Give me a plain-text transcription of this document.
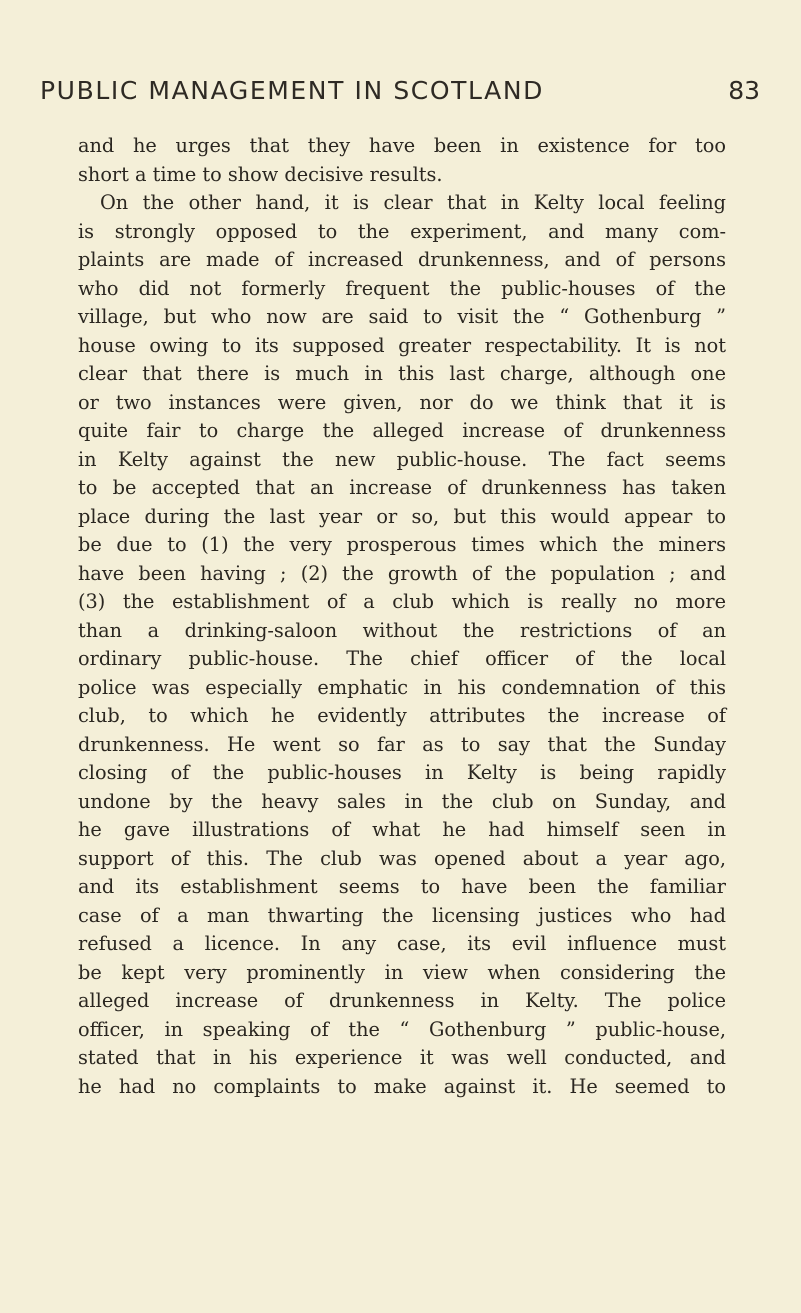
PUBLIC MANAGEMENT IN SCOTLAND	83
and he urges that they have been in existence for too
short a time to show decisive results.
On the other hand, it is clear that in Kelty local feeling
is strongly opposed to the experiment, and many com-
plaints are made of increased drunkenness, and of persons
who did not formerly frequent the public-houses of the
village, but who now are said to visit the “ Gothenburg ”
house owing to its supposed greater respectability. It is not
clear that there is much in this last charge, although one
or two instances were given, nor do we think that it is
quite fair to charge the alleged increase of drunkenness
in Kelty against the new public-house. The fact seems
to be accepted that an increase of drunkenness has taken
place during the last year or so, but this would appear to
be due to (1) the very prosperous times which the miners
have been having ; (2) the growth of the population ; and
(3) the establishment of a club which is really no more
than a drinking-saloon without the restrictions of an
ordinary public-house. The chief officer of the local
police was especially emphatic in his condemnation of this
club, to which he evidently attributes the increase of
drunkenness. He went so far as to say that the Sunday
closing of the public-houses in Kelty is being rapidly
undone by the heavy sales in the club on Sunday, and
he gave illustrations of what he had himself seen in
support of this. The club was opened about a year ago,
and its establishment seems to have been the familiar
case of a man thwarting the licensing justices who had
refused a licence. In any case, its evil influence must
be kept very prominently in view when considering the
alleged increase of drunkenness in Kelty. The police
officer, in speaking of the “ Gothenburg ” public-house,
stated that in his experience it was well conducted, and
he had no complaints to make against it. He seemed to
